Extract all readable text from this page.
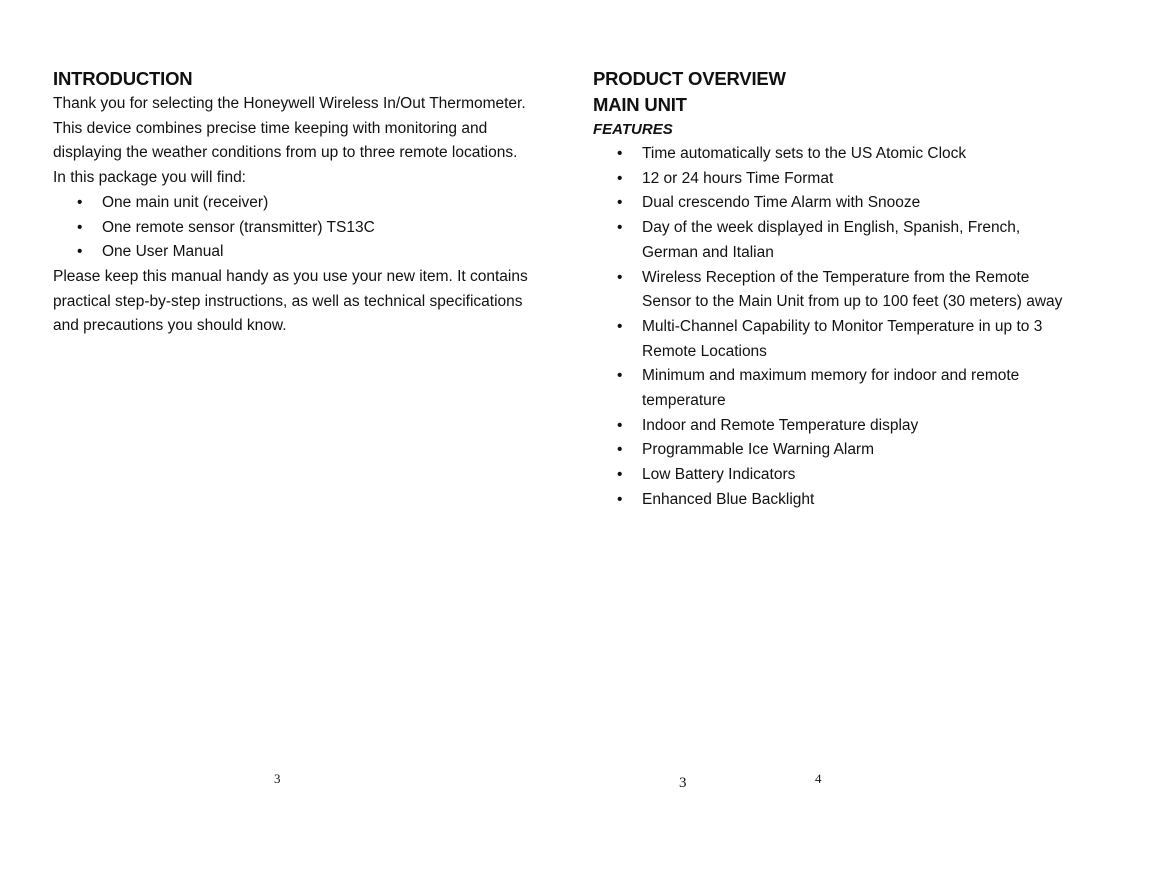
INTRODUCTION

Thank you for selecting the Honeywell Wireless In/Out Thermometer. This device combines precise time keeping with monitoring and displaying the weather conditions from up to three remote locations.

In this package you will find:

• One main unit (receiver)
• One remote sensor (transmitter) TS13C
• One User Manual

Please keep this manual handy as you use your new item. It contains practical step-by-step instructions, as well as technical specifications and precautions you should know.

PRODUCT OVERVIEW
MAIN UNIT
FEATURES
• Time automatically sets to the US Atomic Clock
• 12 or 24 hours Time Format
• Dual crescendo Time Alarm with Snooze
• Day of the week displayed in English, Spanish, French, German and Italian
• Wireless Reception of the Temperature from the Remote Sensor to the Main Unit from up to 100 feet (30 meters) away
• Multi-Channel Capability to Monitor Temperature in up to 3 Remote Locations
• Minimum and maximum memory for indoor and remote temperature
• Indoor and Remote Temperature display
• Programmable Ice Warning Alarm
• Low Battery Indicators
• Enhanced Blue Backlight
3	3	4
